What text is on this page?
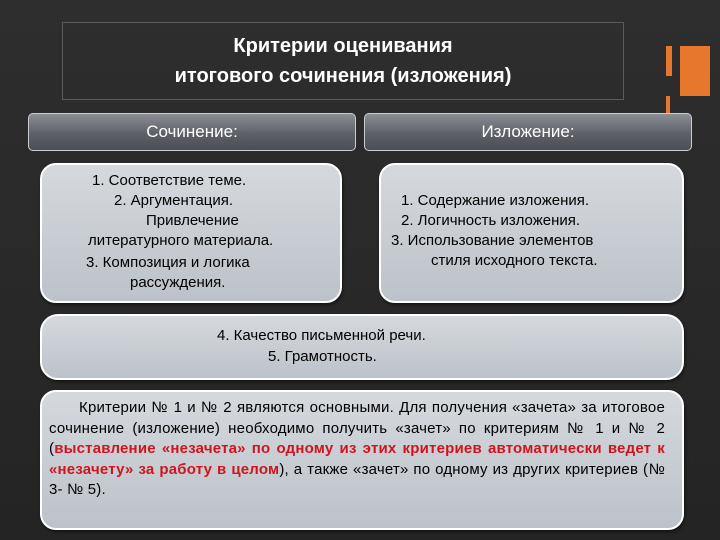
Критерии оценивания
итогового сочинения (изложения)
Сочинение:	Изложение:
1. Соответствие теме.
2. Аргументация.
Привлечение
литературного материала.
3. Композиция и логика
рассуждения.
1. Содержание изложения.
2. Логичность изложения.
3. Использование элементов
стиля исходного текста.
4. Качество письменной речи.
5. Грамотность.
Критерии № 1 и № 2 являются основными. Для получения «зачета» за итоговое сочинение (изложение) необходимо получить «зачет» по критериям № 1 и № 2 (выставление «незачета» по одному из этих критериев автоматически ведет к «незачету» за работу в целом), а также «зачет» по одному из других критериев (№ 3- № 5).
